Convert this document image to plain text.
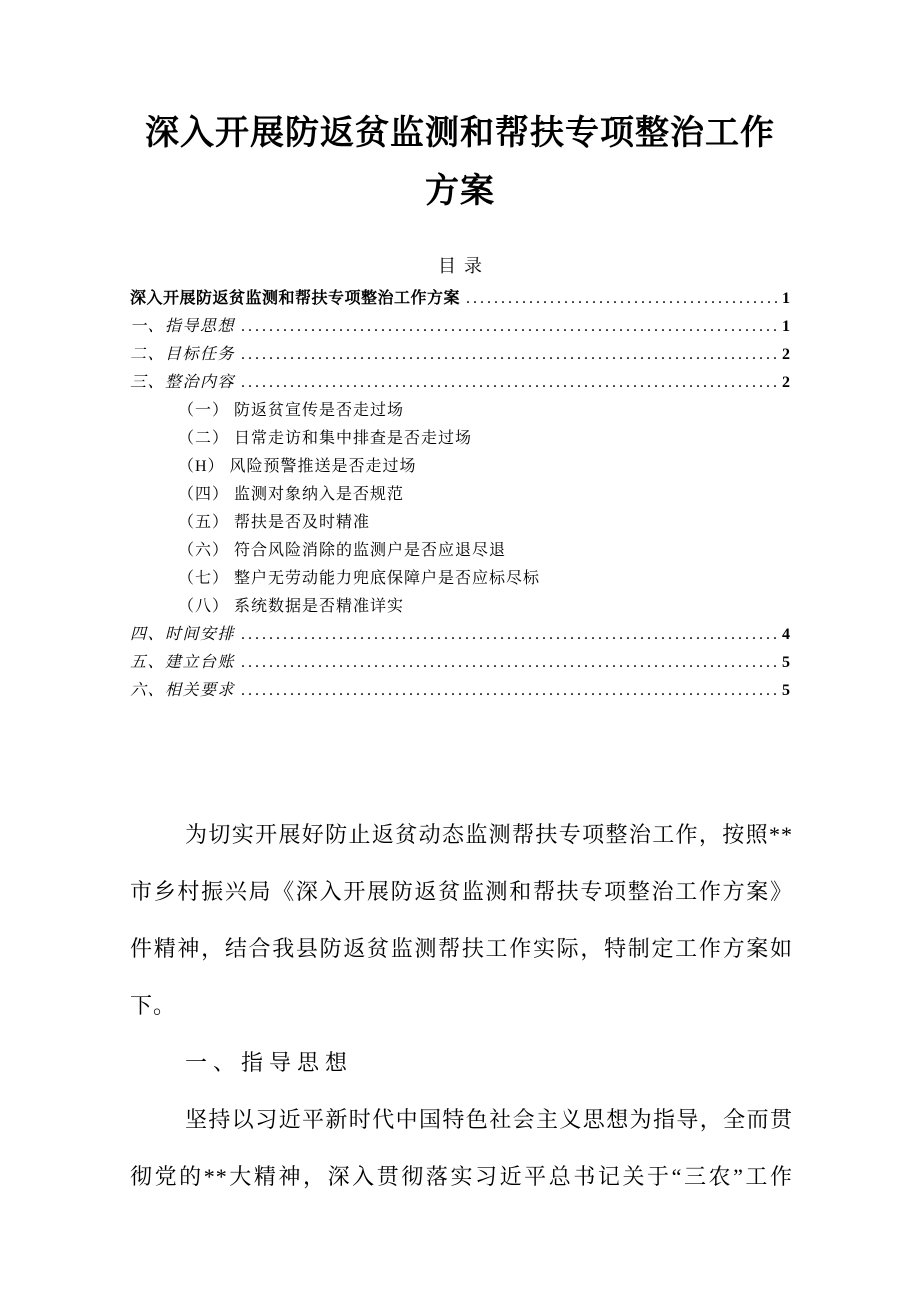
深入开展防返贫监测和帮扶专项整治工作方案
目录
深入开展防返贫监测和帮扶专项整治工作方案 .....	1
一、指导思想 .....	1
二、目标任务 .....	2
三、整治内容 .....	2
（一） 防返贫宣传是否走过场
（二） 日常走访和集中排查是否走过场
（H） 风险预警推送是否走过场
（四） 监测对象纳入是否规范
（五） 帮扶是否及时精准
（六） 符合风险消除的监测户是否应退尽退
（七） 整户无劳动能力兜底保障户是否应标尽标
（八） 系统数据是否精准详实
四、时间安排 .....	4
五、建立台账 .....	5
六、相关要求 .....	5
为切实开展好防止返贫动态监测帮扶专项整治工作，按照**
市乡村振兴局《深入开展防返贫监测和帮扶专项整治工作方案》
件精神，结合我县防返贫监测帮扶工作实际，特制定工作方案如
下。
一、指导思想
坚持以习近平新时代中国特色社会主义思想为指导，全而贯
彻党的**大精神，深入贯彻落实习近平总书记关于“三农”工作
